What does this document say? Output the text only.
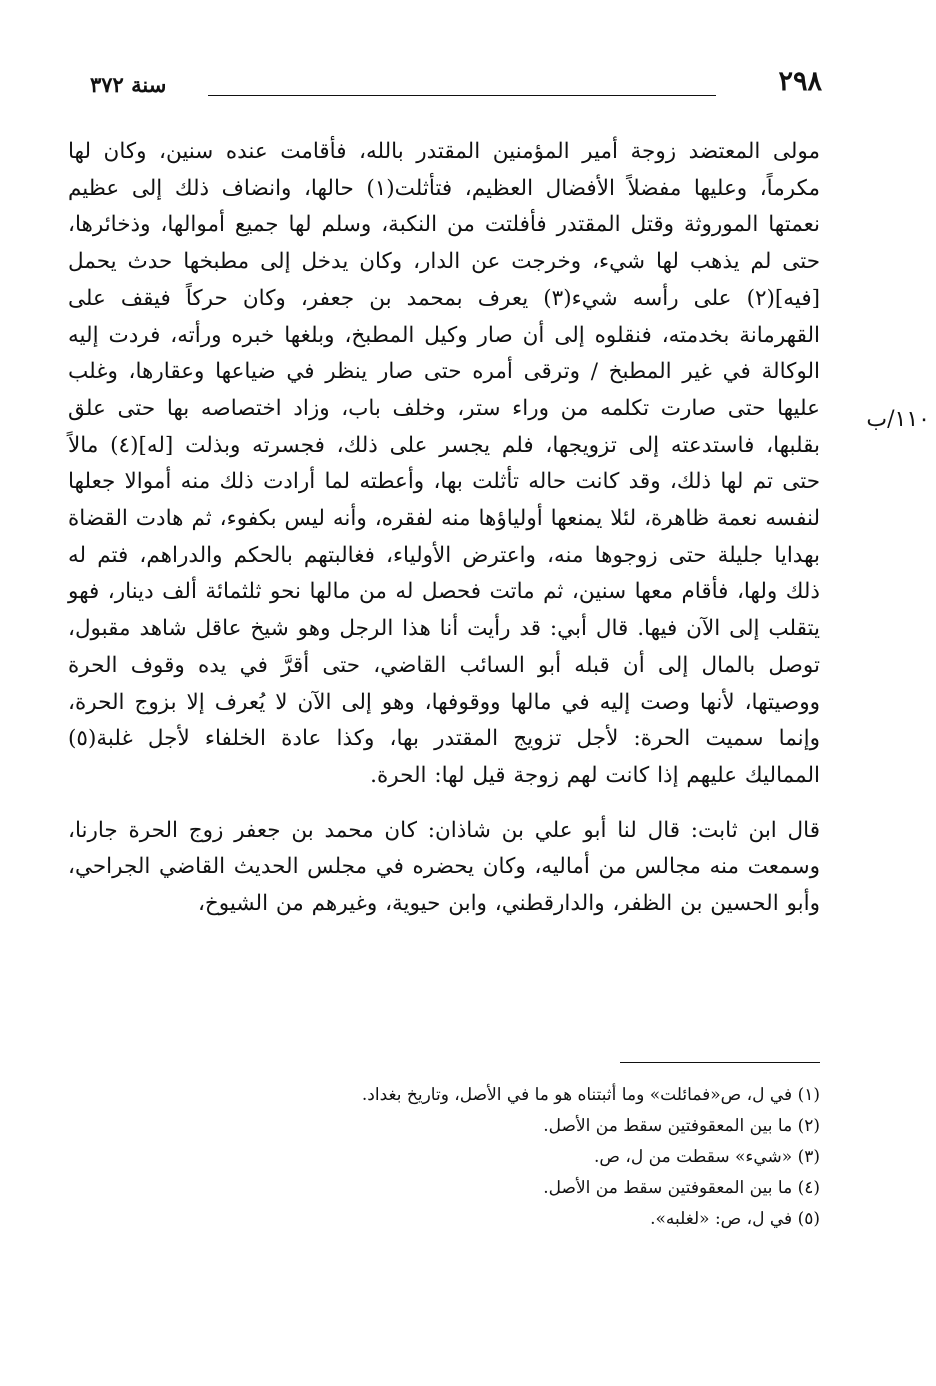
٢٩٨
سنة ٣٧٢
١١٠/ب

مولى المعتضد زوجة أمير المؤمنين المقتدر بالله، فأقامت عنده سنين، وكان لها مكرماً، وعليها مفضلاً الأفضال العظيم، فتأثلت(١) حالها، وانضاف ذلك إلى عظيم نعمتها الموروثة وقتل المقتدر فأفلتت من النكبة، وسلم لها جميع أموالها، وذخائرها، حتى لم يذهب لها شيء، وخرجت عن الدار، وكان يدخل إلى مطبخها حدث يحمل [فيه](٢) على رأسه شيء(٣) يعرف بمحمد بن جعفر، وكان حركاً فيقف على القهرمانة بخدمته، فنقلوه إلى أن صار وكيل المطبخ، وبلغها خبره ورأته، فردت إليه الوكالة في غير المطبخ / وترقى أمره حتى صار ينظر في ضياعها وعقارها، وغلب عليها حتى صارت تكلمه من وراء ستر، وخلف باب، وزاد اختصاصه بها حتى علق بقلبها، فاستدعته إلى تزويجها، فلم يجسر على ذلك، فجسرته وبذلت [له](٤) مالاً حتى تم لها ذلك، وقد كانت حاله تأثلت بها، وأعطته لما أرادت ذلك منه أموالا جعلها لنفسه نعمة ظاهرة، لئلا يمنعها أولياؤها منه لفقره، وأنه ليس بكفوء، ثم هادت القضاة بهدايا جليلة حتى زوجوها منه، واعترض الأولياء، فغالبتهم بالحكم والدراهم، فتم له ذلك ولها، فأقام معها سنين، ثم ماتت فحصل له من مالها نحو ثلثمائة ألف دينار، فهو يتقلب إلى الآن فيها. قال أبي: قد رأيت أنا هذا الرجل وهو شيخ عاقل شاهد مقبول، توصل بالمال إلى أن قبله أبو السائب القاضي، حتى أقرَّ في يده وقوف الحرة ووصيتها، لأنها وصت إليه في مالها ووقوفها، وهو إلى الآن لا يُعرف إلا بزوج الحرة، وإنما سميت الحرة: لأجل تزويج المقتدر بها، وكذا عادة الخلفاء لأجل غلبة(٥) المماليك عليهم إذا كانت لهم زوجة قيل لها: الحرة.

قال ابن ثابت: قال لنا أبو علي بن شاذان: كان محمد بن جعفر زوج الحرة جارنا، وسمعت منه مجالس من أماليه، وكان يحضره في مجلس الحديث القاضي الجراحي، وأبو الحسين بن الظفر، والدارقطني، وابن حيوية، وغيرهم من الشيوخ،

(١) في ل، ص«فمائلت» وما أثبتناه هو ما في الأصل، وتاريخ بغداد.
(٢) ما بين المعقوفتين سقط من الأصل.
(٣) «شيء» سقطت من ل، ص.
(٤) ما بين المعقوفتين سقط من الأصل.
(٥) في ل، ص: «لغلبه».
